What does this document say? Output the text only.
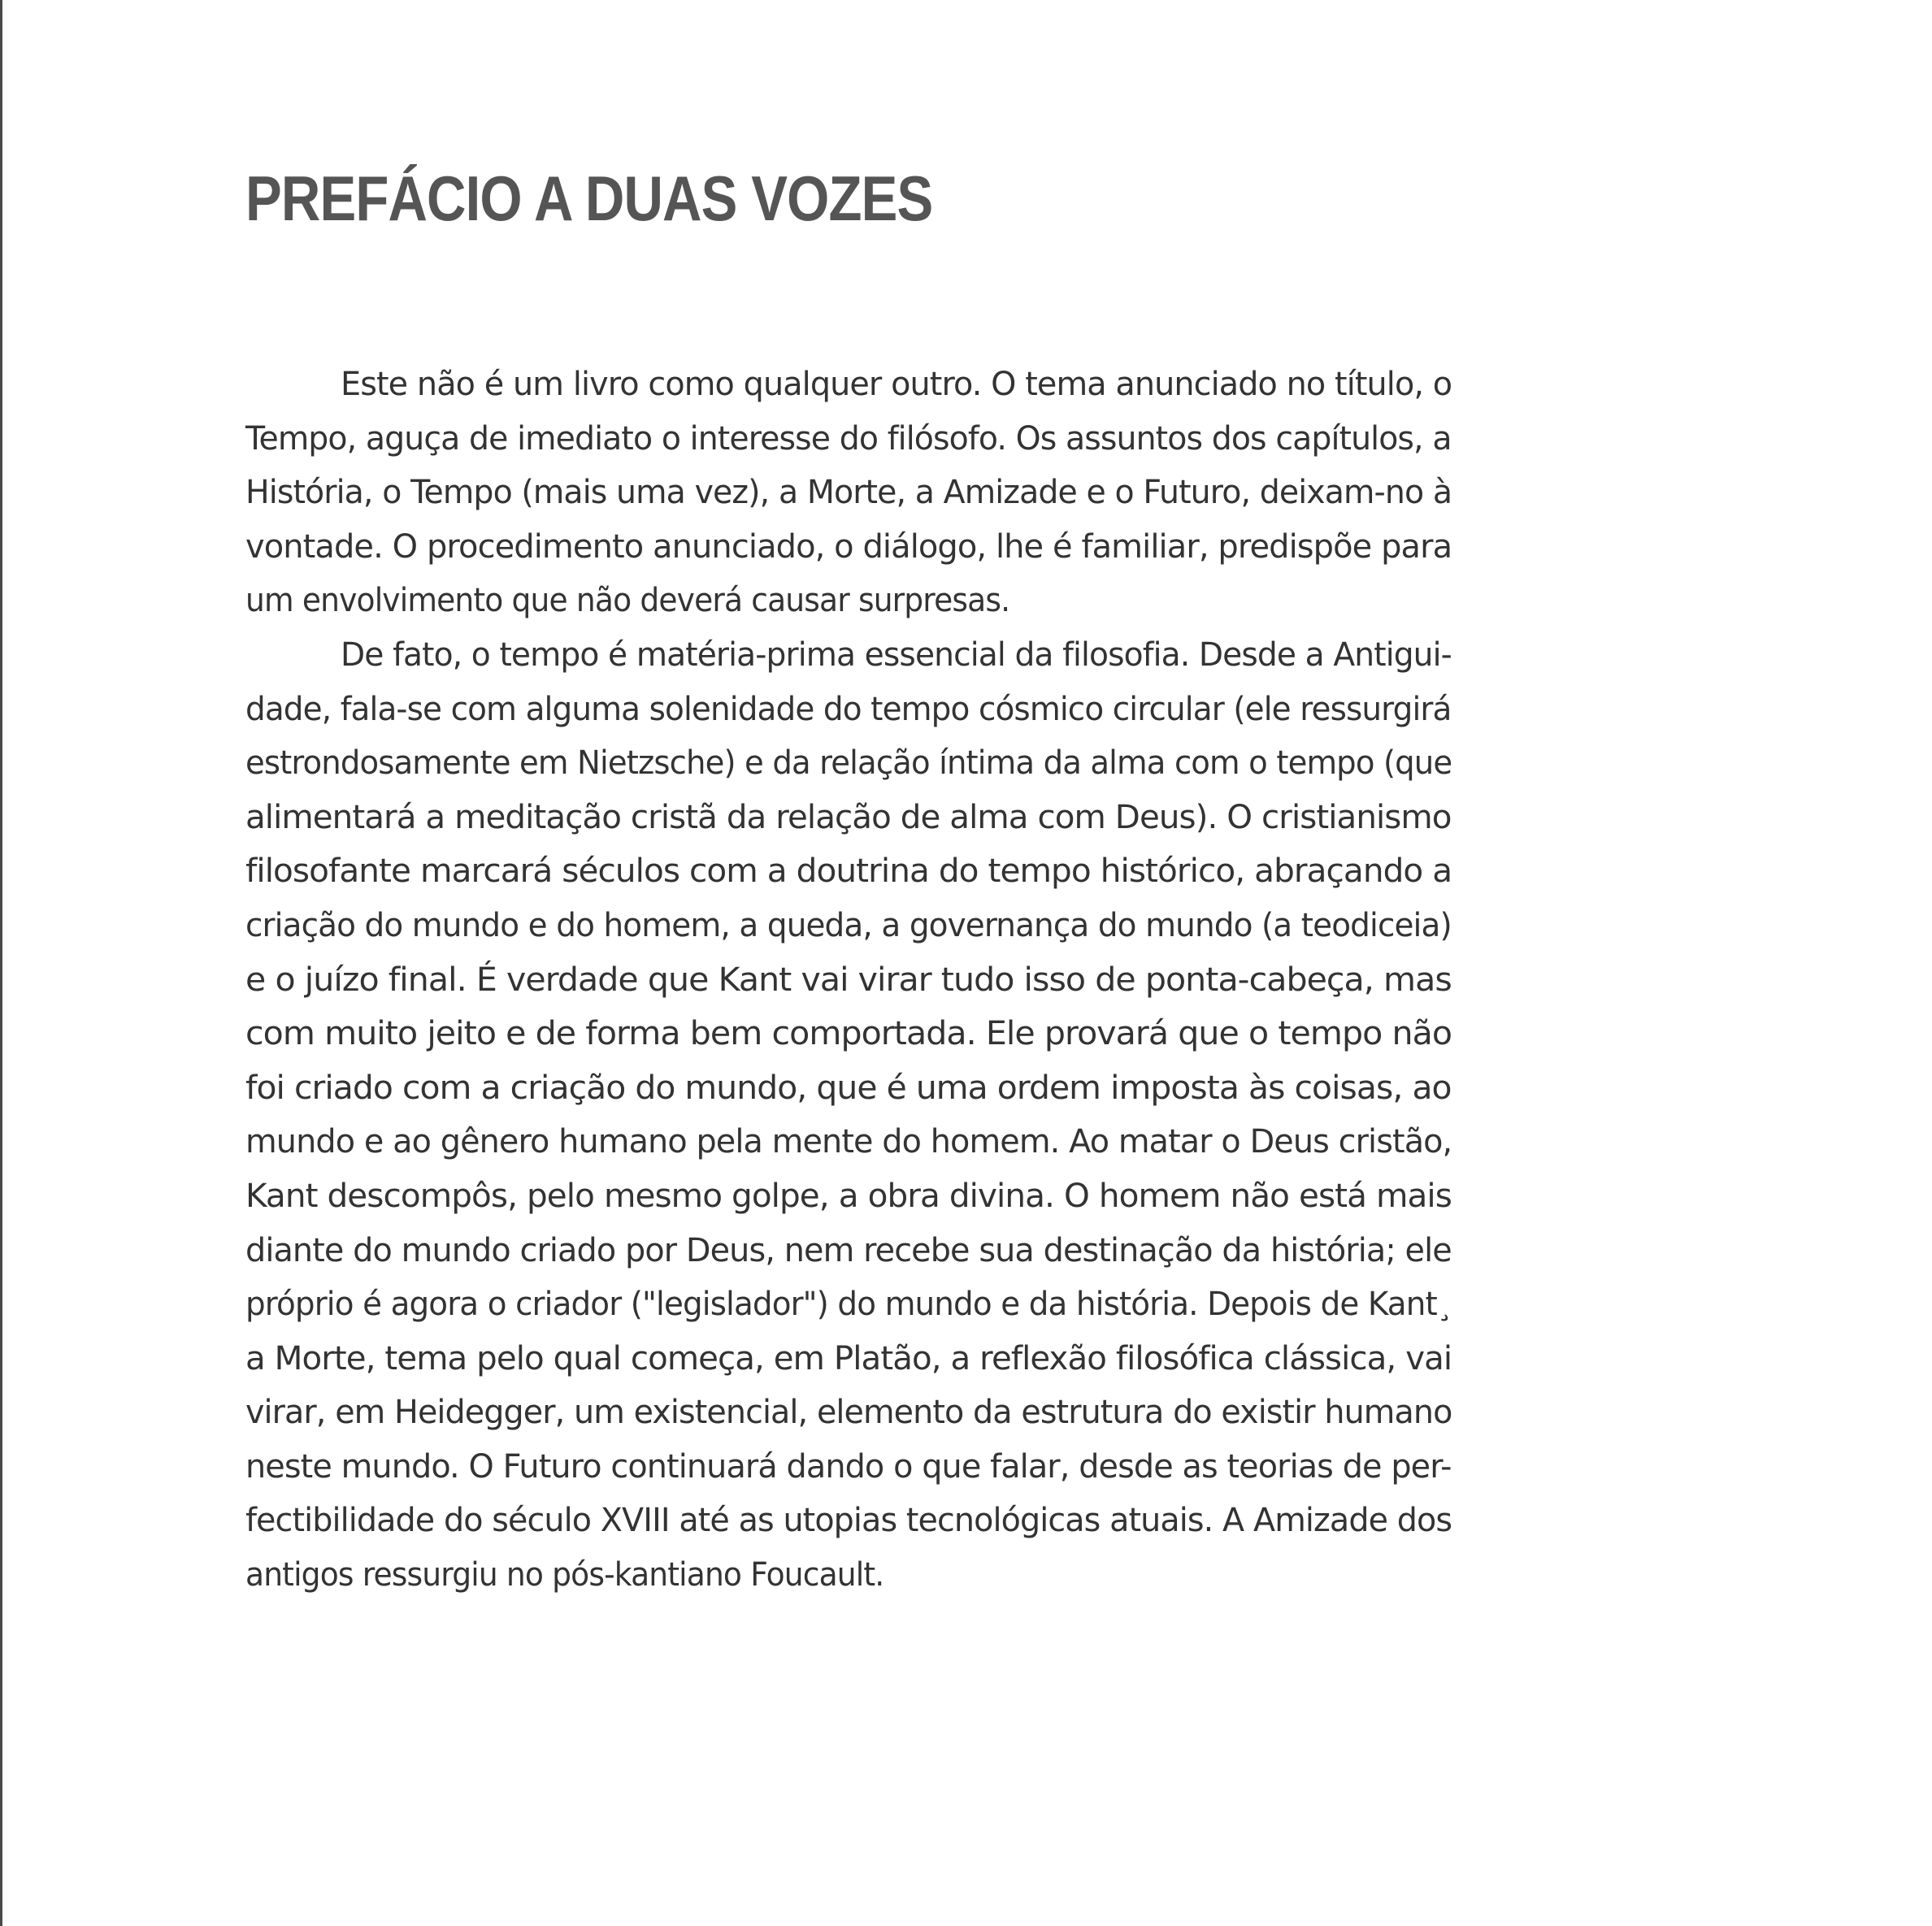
PREFÁCIO A DUAS VOZES

Este não é um livro como qualquer outro. O tema anunciado no título, o
Tempo, aguça de imediato o interesse do filósofo. Os assuntos dos capítulos, a
História, o Tempo (mais uma vez), a Morte, a Amizade e o Futuro, deixam-no à
vontade. O procedimento anunciado, o diálogo, lhe é familiar, predispõe para
um envolvimento que não deverá causar surpresas.

De fato, o tempo é matéria-prima essencial da filosofia. Desde a Antigui-
dade, fala-se com alguma solenidade do tempo cósmico circular (ele ressurgirá
estrondosamente em Nietzsche) e da relação íntima da alma com o tempo (que
alimentará a meditação cristã da relação de alma com Deus). O cristianismo
filosofante marcará séculos com a doutrina do tempo histórico, abraçando a
criação do mundo e do homem, a queda, a governança do mundo (a teodiceia)
e o juízo final. É verdade que Kant vai virar tudo isso de ponta-cabeça, mas
com muito jeito e de forma bem comportada. Ele provará que o tempo não
foi criado com a criação do mundo, que é uma ordem imposta às coisas, ao
mundo e ao gênero humano pela mente do homem. Ao matar o Deus cristão,
Kant descompôs, pelo mesmo golpe, a obra divina. O homem não está mais
diante do mundo criado por Deus, nem recebe sua destinação da história; ele
próprio é agora o criador ("legislador") do mundo e da história. Depois de Kant¸
a Morte, tema pelo qual começa, em Platão, a reflexão filosófica clássica, vai
virar, em Heidegger, um existencial, elemento da estrutura do existir humano
neste mundo. O Futuro continuará dando o que falar, desde as teorias de per-
fectibilidade do século XVIII até as utopias tecnológicas atuais. A Amizade dos
antigos ressurgiu no pós-kantiano Foucault.
